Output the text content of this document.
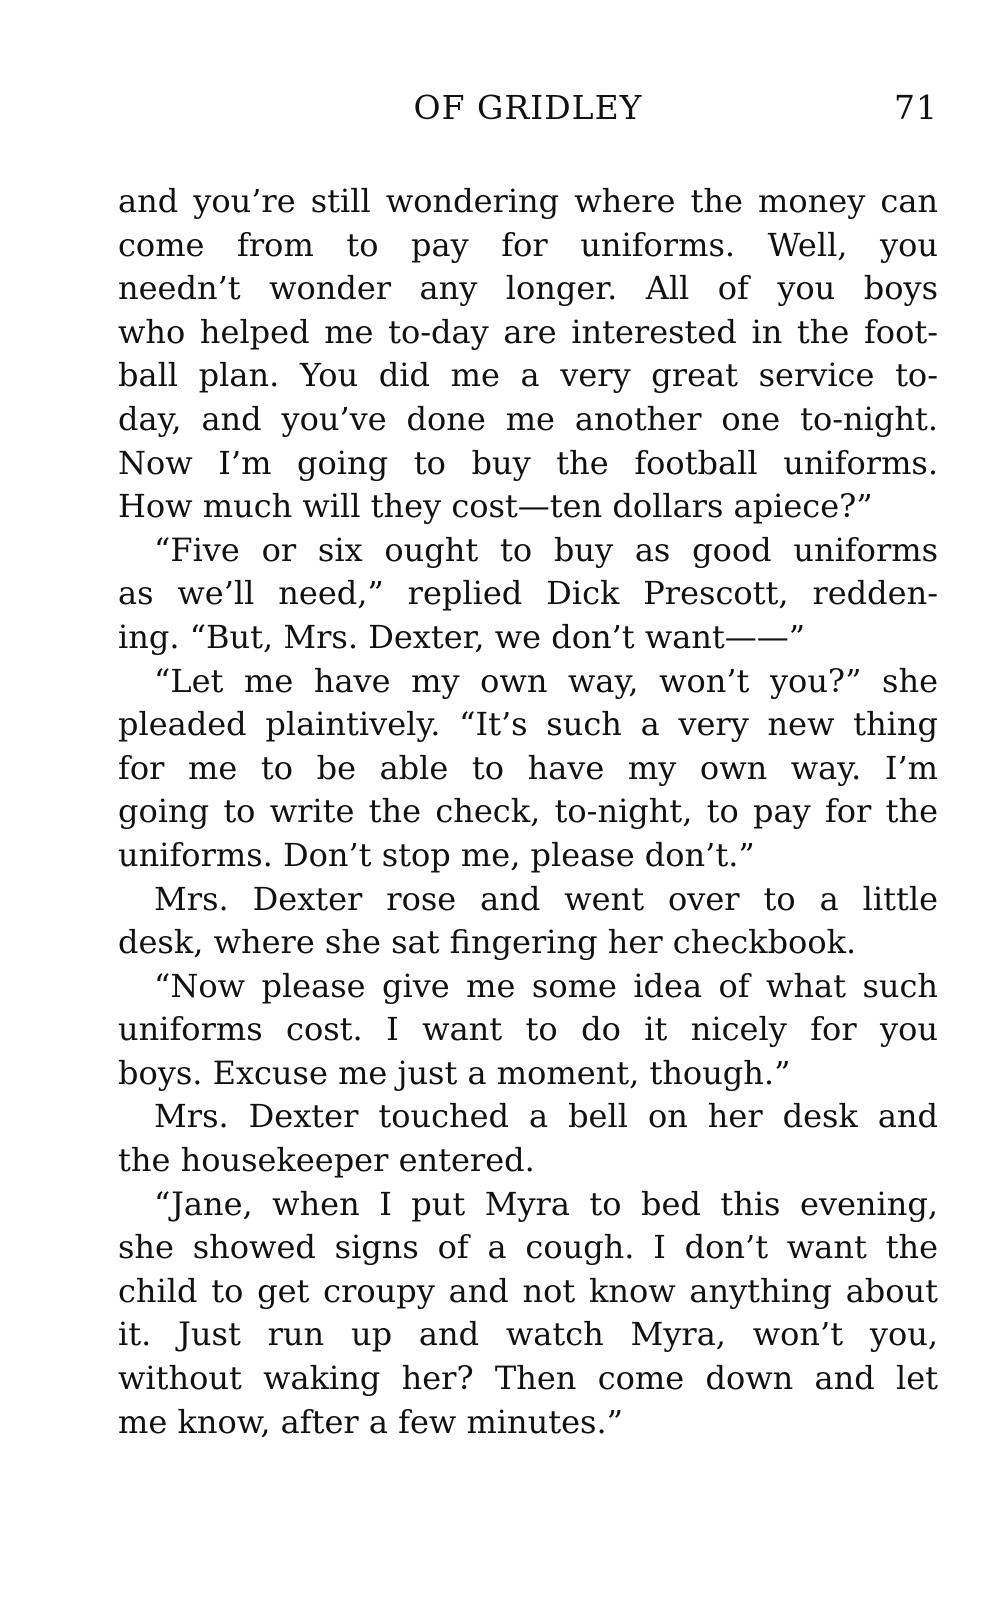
OF GRIDLEY	71
and you’re still wondering where the money can
come from to pay for uniforms. Well, you
needn’t wonder any longer. All of you boys
who helped me to-day are interested in the foot-
ball plan. You did me a very great service to-
day, and you’ve done me another one to-night.
Now I’m going to buy the football uniforms.
How much will they cost—ten dollars apiece?”
“Five or six ought to buy as good uniforms
as we’ll need,” replied Dick Prescott, redden-
ing. “But, Mrs. Dexter, we don’t want——”
“Let me have my own way, won’t you?” she
pleaded plaintively. “It’s such a very new thing
for me to be able to have my own way. I’m
going to write the check, to-night, to pay for the
uniforms. Don’t stop me, please don’t.”
Mrs. Dexter rose and went over to a little
desk, where she sat fingering her checkbook.
“Now please give me some idea of what such
uniforms cost. I want to do it nicely for you
boys. Excuse me just a moment, though.”
Mrs. Dexter touched a bell on her desk and
the housekeeper entered.
“Jane, when I put Myra to bed this evening,
she showed signs of a cough. I don’t want the
child to get croupy and not know anything about
it. Just run up and watch Myra, won’t you,
without waking her? Then come down and let
me know, after a few minutes.”
